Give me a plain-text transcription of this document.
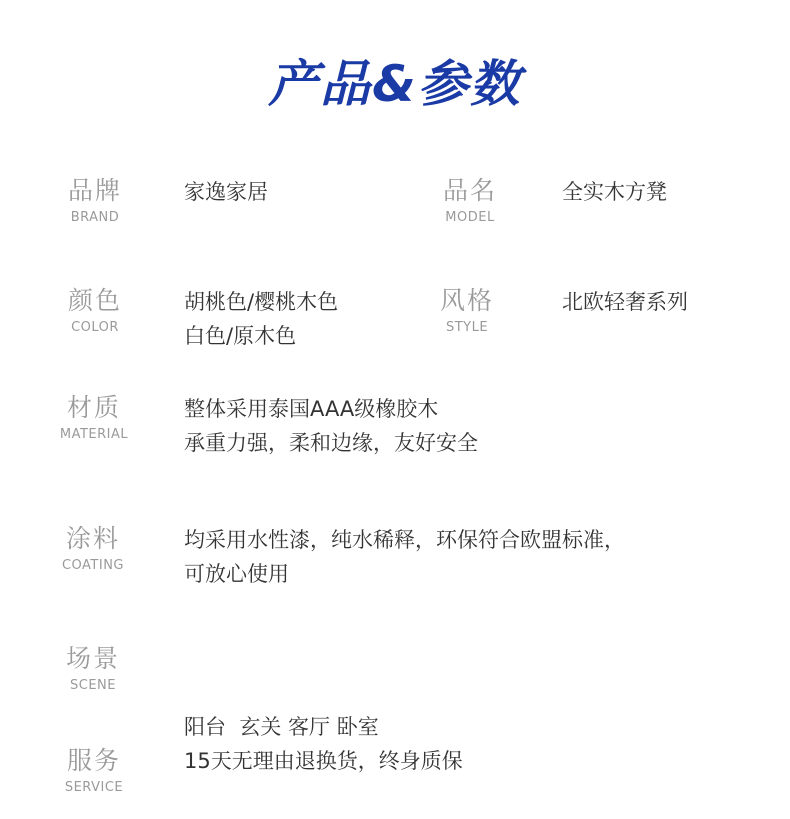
产品&参数
品牌
BRAND
家逸家居	品名
MODEL
全实木方凳
颜色
COLOR
胡桃色/樱桃木色
白色/原木色
风格
STYLE
北欧轻奢系列
材质
MATERIAL
整体采用泰国AAA级橡胶木
承重力强，柔和边缘，友好安全
涂料
COATING
均采用水性漆，纯水稀释，环保符合欧盟标准，
可放心使用
场景
SCENE

阳台  玄关 客厅 卧室

服务
SERVICE
15天无理由退换货，终身质保
